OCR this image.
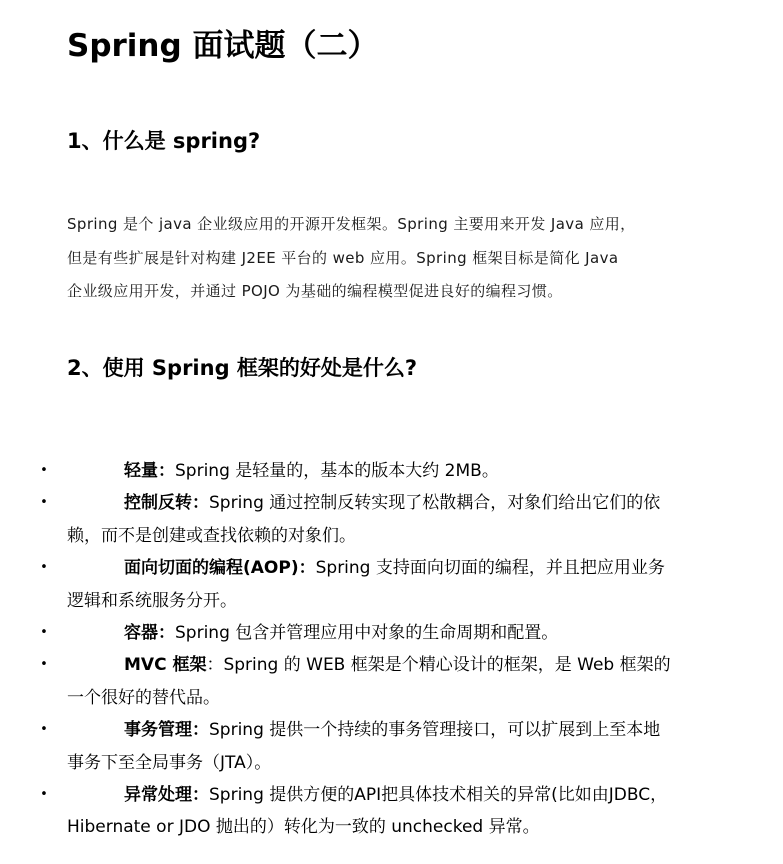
Spring 面试题（二）
1、什么是 spring?

Spring 是个 java 企业级应用的开源开发框架。Spring 主要用来开发 Java 应用，
但是有些扩展是针对构建 J2EE 平台的 web 应用。Spring 框架目标是简化 Java
企业级应用开发，并通过 POJO 为基础的编程模型促进良好的编程习惯。

2、使用 Spring 框架的好处是什么?
•	轻量：Spring 是轻量的，基本的版本大约 2MB。
•	控制反转：Spring 通过控制反转实现了松散耦合，对象们给出它们的依
赖，而不是创建或查找依赖的对象们。
•	面向切面的编程(AOP)：Spring 支持面向切面的编程，并且把应用业务
逻辑和系统服务分开。
•	容器：Spring 包含并管理应用中对象的生命周期和配置。
•	MVC 框架：Spring 的 WEB 框架是个精心设计的框架，是 Web 框架的
一个很好的替代品。
•	事务管理：Spring 提供一个持续的事务管理接口，可以扩展到上至本地
事务下至全局事务（JTA）。
•	异常处理：Spring 提供方便的API把具体技术相关的异常(比如由JDBC，
Hibernate or JDO 抛出的）转化为一致的 unchecked 异常。
